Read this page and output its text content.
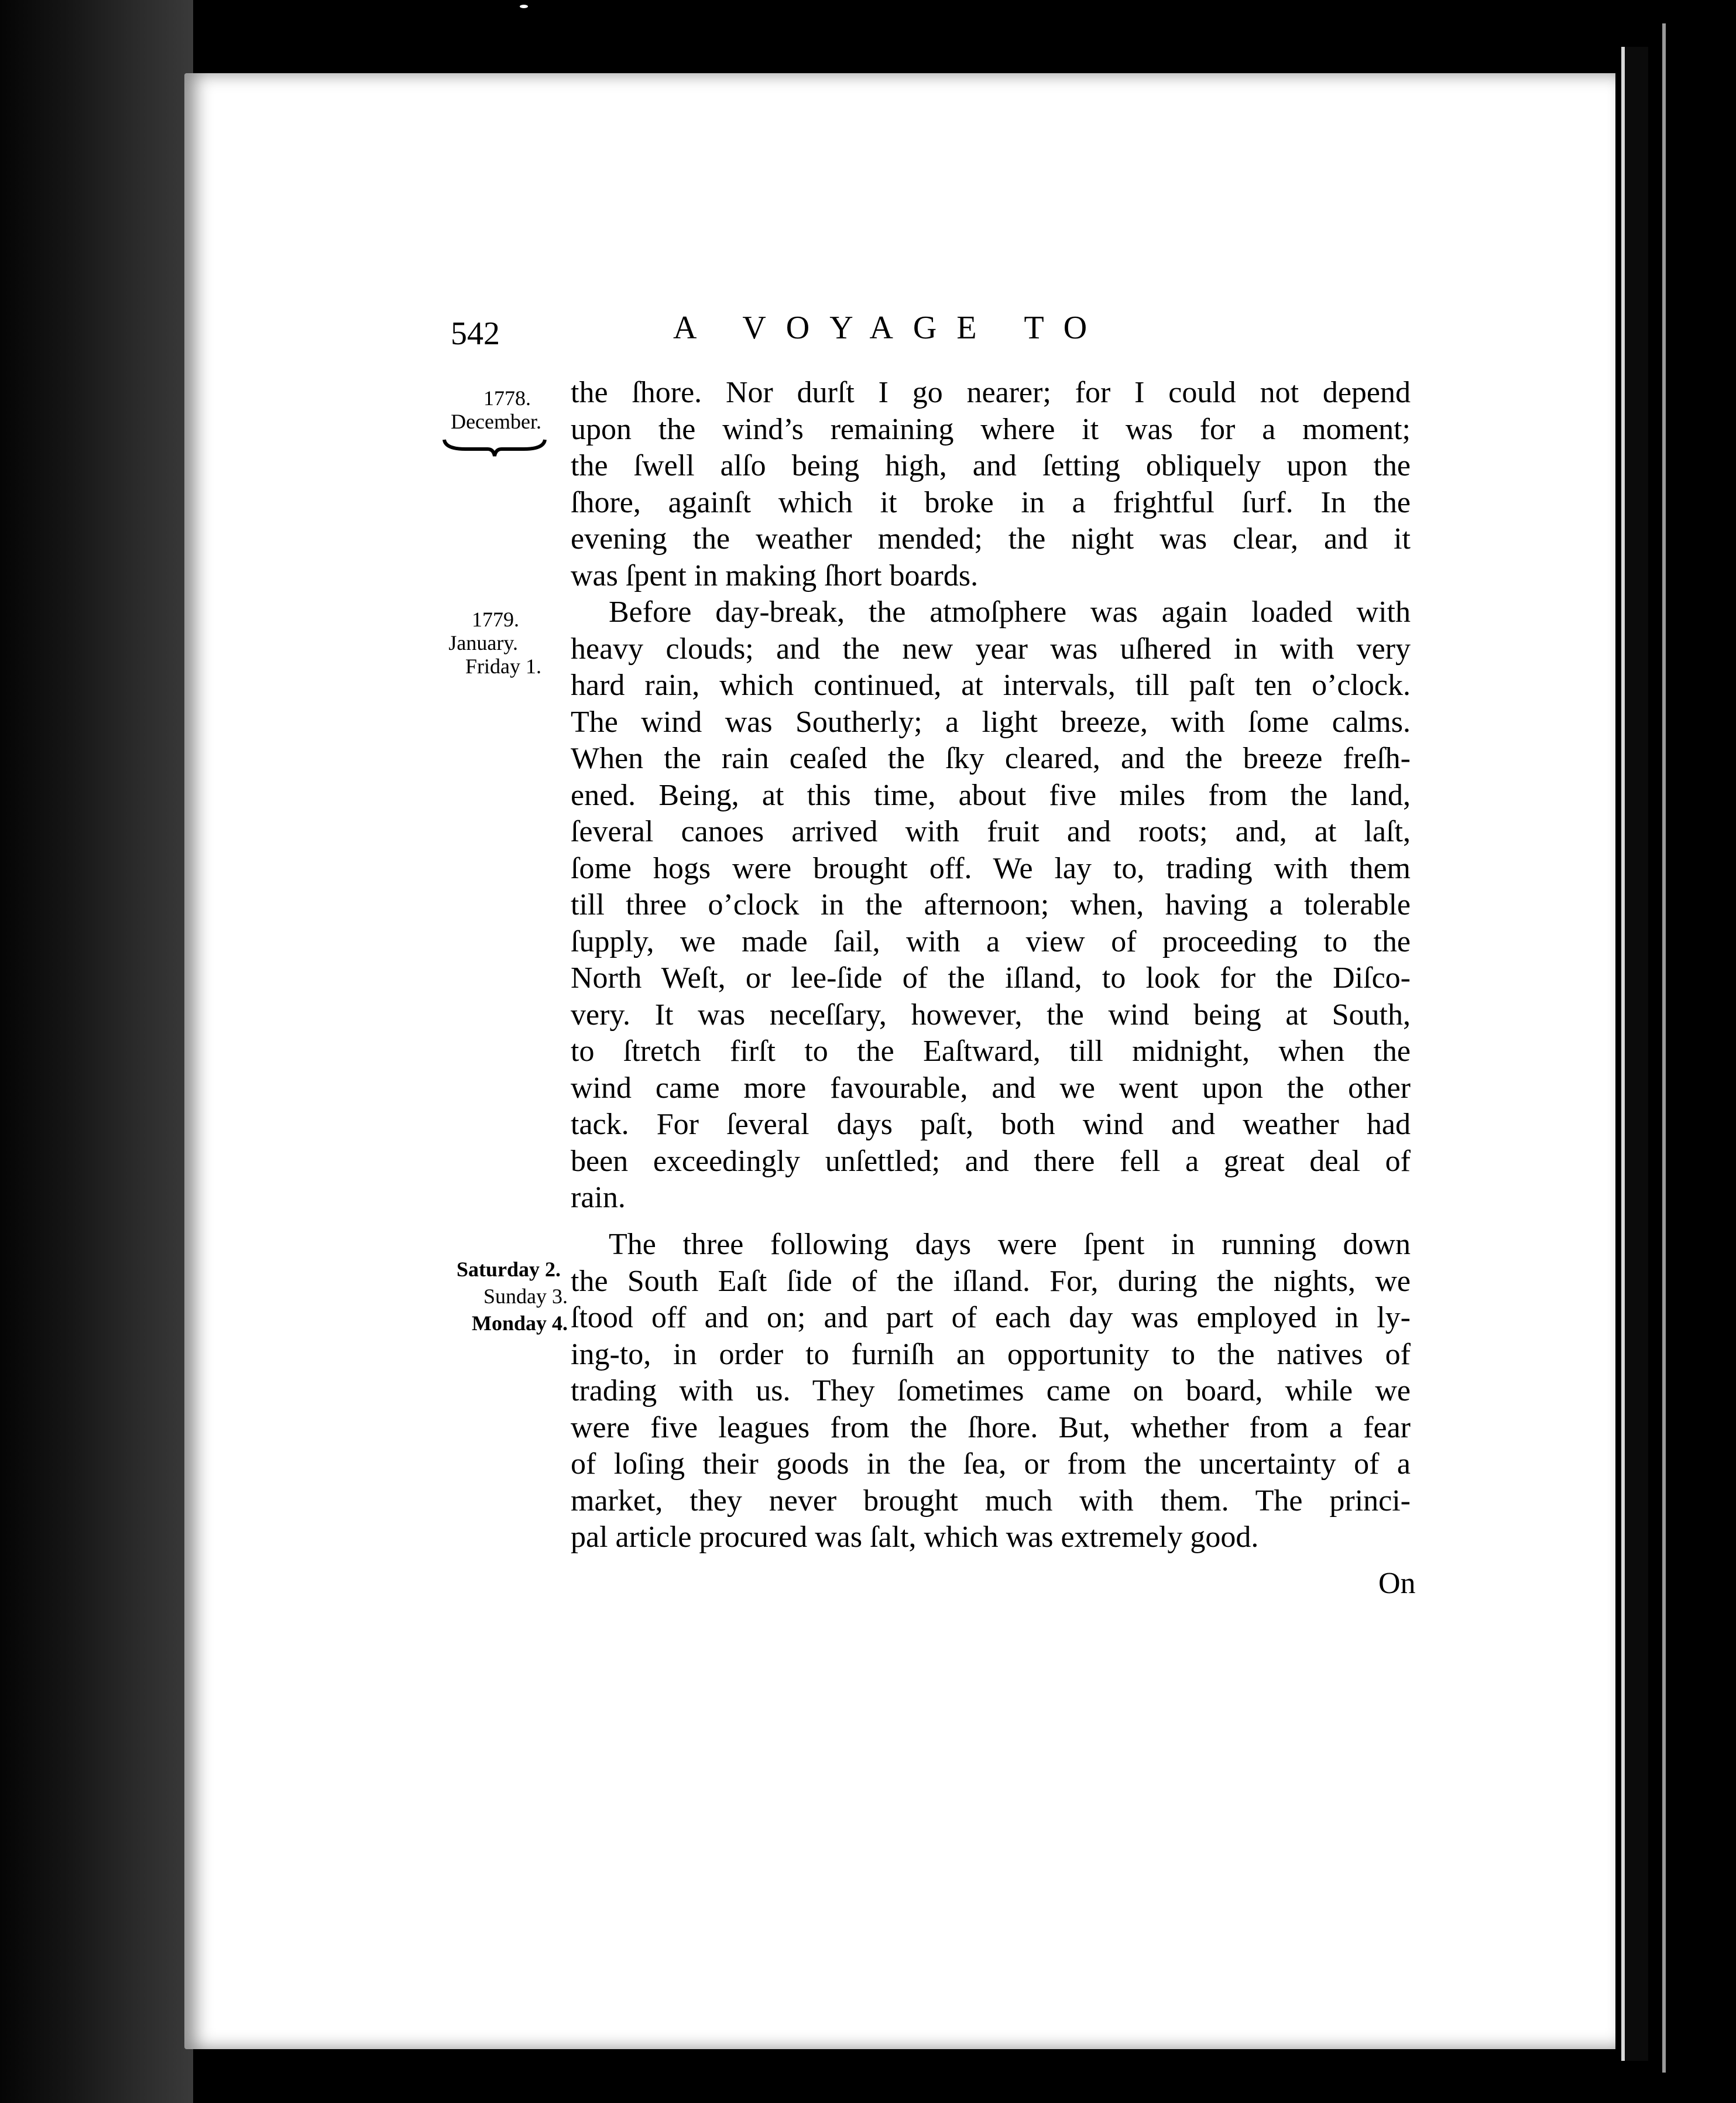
542	A VOYAGE TO
1778.
December.
1779.
January.
Friday 1.
Saturday 2.
Sunday 3.
Monday 4.
the ſhore. Nor durſt I go nearer; for I could not depend
upon the wind’s remaining where it was for a moment;
the ſwell alſo being high, and ſetting obliquely upon the
ſhore, againſt which it broke in a frightful ſurf. In the
evening the weather mended; the night was clear, and it
was ſpent in making ſhort boards.
Before day-break, the atmoſphere was again loaded with
heavy clouds; and the new year was uſhered in with very
hard rain, which continued, at intervals, till paſt ten o’clock.
The wind was Southerly; a light breeze, with ſome calms.
When the rain ceaſed the ſky cleared, and the breeze freſh-
ened. Being, at this time, about five miles from the land,
ſeveral canoes arrived with fruit and roots; and, at laſt,
ſome hogs were brought off. We lay to, trading with them
till three o’clock in the afternoon; when, having a tolerable
ſupply, we made ſail, with a view of proceeding to the
North Weſt, or lee-ſide of the iſland, to look for the Diſco-
very. It was neceſſary, however, the wind being at South,
to ſtretch firſt to the Eaſtward, till midnight, when the
wind came more favourable, and we went upon the other
tack. For ſeveral days paſt, both wind and weather had
been exceedingly unſettled; and there fell a great deal of
rain.
The three following days were ſpent in running down
the South Eaſt ſide of the iſland. For, during the nights, we
ſtood off and on; and part of each day was employed in ly-
ing-to, in order to furniſh an opportunity to the natives of
trading with us. They ſometimes came on board, while we
were five leagues from the ſhore. But, whether from a fear
of loſing their goods in the ſea, or from the uncertainty of a
market, they never brought much with them. The princi-
pal article procured was ſalt, which was extremely good.
On
